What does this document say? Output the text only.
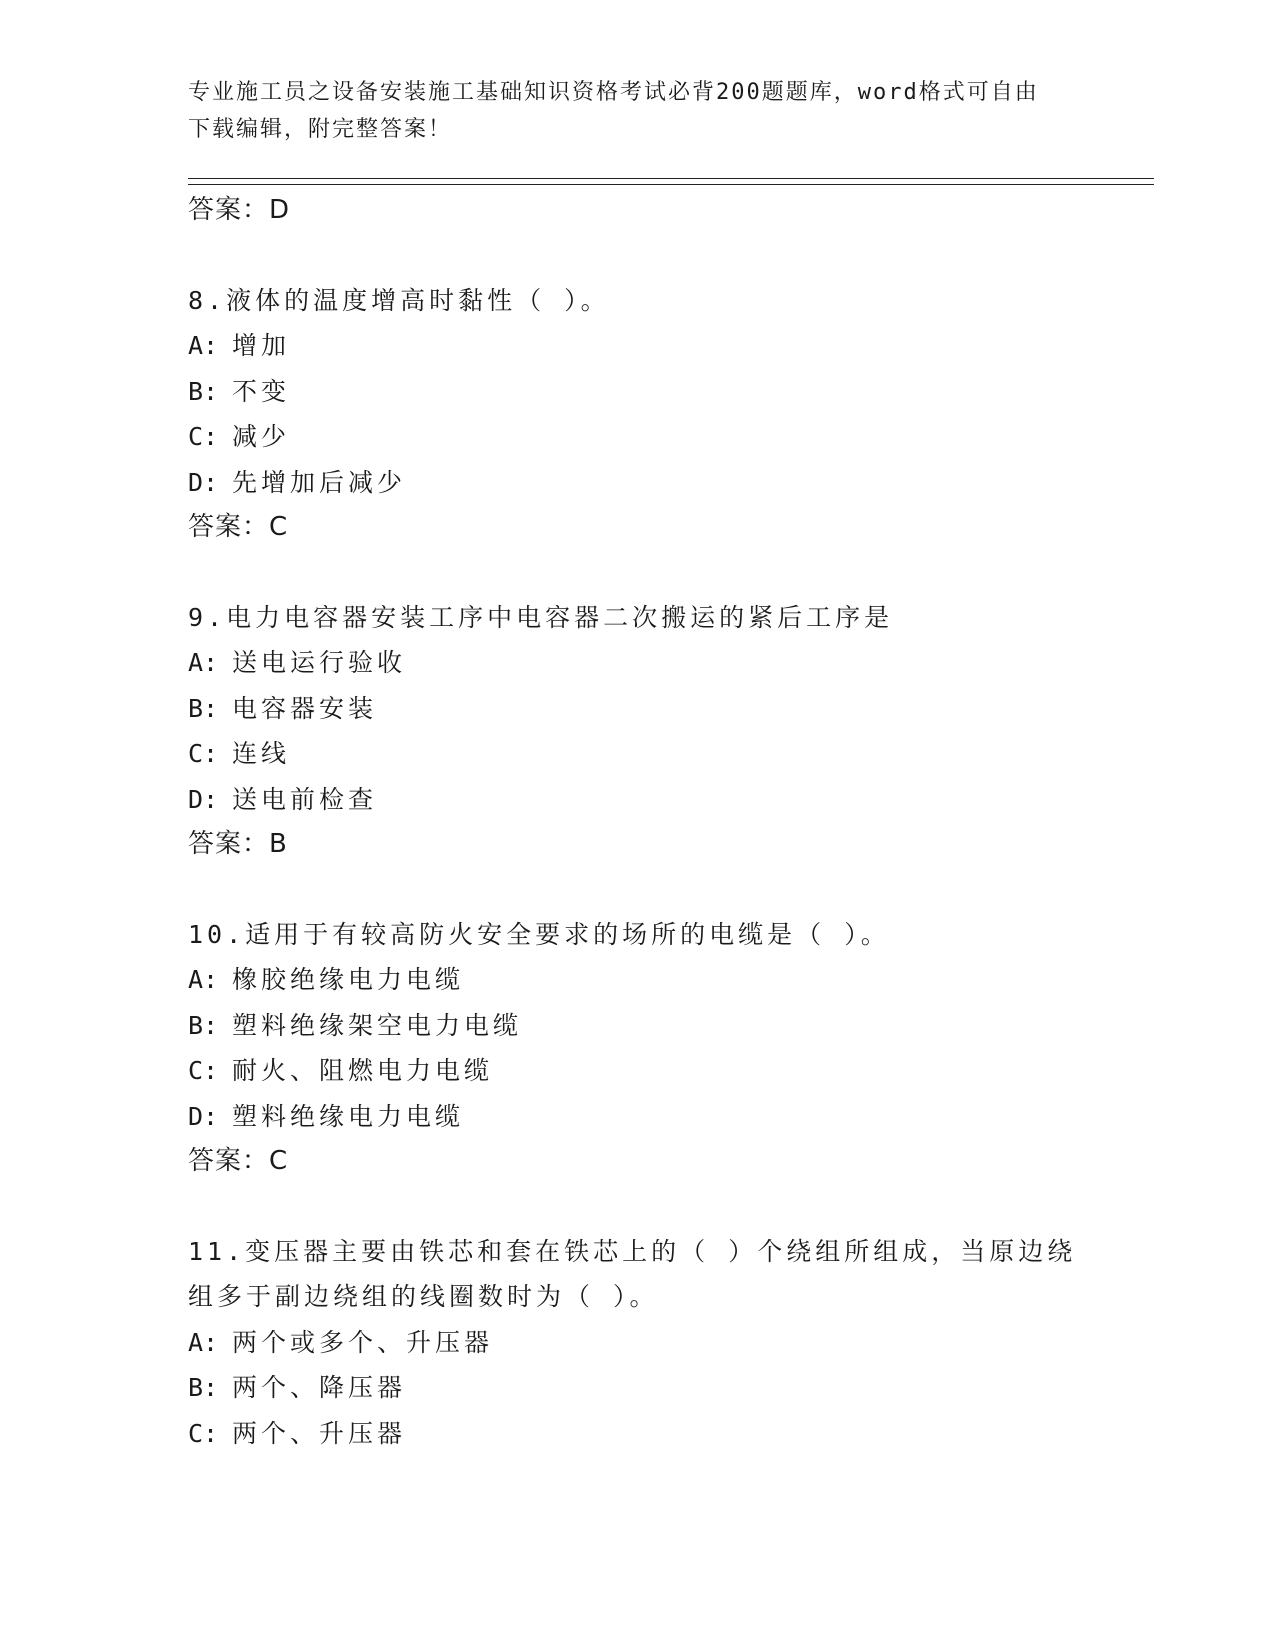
专业施工员之设备安装施工基础知识资格考试必背200题题库，word格式可自由
下载编辑，附完整答案！
答案：D
8.液体的温度增高时黏性（ ）。
A: 增加
B: 不变
C: 减少
D: 先增加后减少
答案：C
9.电力电容器安装工序中电容器二次搬运的紧后工序是
A: 送电运行验收
B: 电容器安装
C: 连线
D: 送电前检查
答案：B
10.适用于有较高防火安全要求的场所的电缆是（ ）。
A: 橡胶绝缘电力电缆
B: 塑料绝缘架空电力电缆
C: 耐火、阻燃电力电缆
D: 塑料绝缘电力电缆
答案：C
11.变压器主要由铁芯和套在铁芯上的（ ）个绕组所组成，当原边绕
组多于副边绕组的线圈数时为（ ）。
A: 两个或多个、升压器
B: 两个、降压器
C: 两个、升压器
